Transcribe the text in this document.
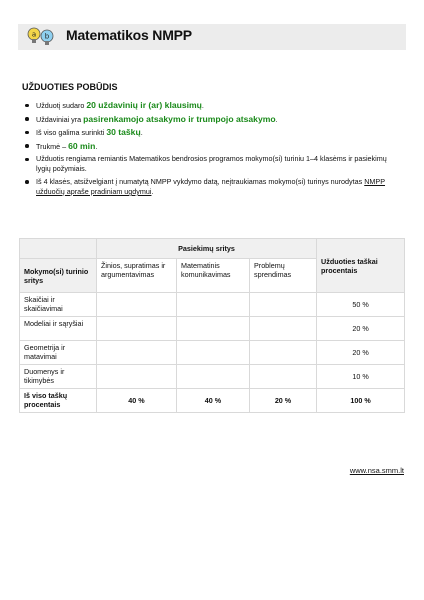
a b Matematikos NMPP
UŽDUOTIES POBŪDIS
Užduotį sudaro 20 uždavinių ir (ar) klausimų.
Uždaviniai yra pasirenkamojo atsakymo ir trumpojo atsakymo.
Iš viso galima surinkti 30 taškų.
Trukmė – 60 min.
Užduotis rengiama remiantis Matematikos bendrosios programos mokymo(si) turiniu 1–4 klasėms ir pasiekimų lygių požymiais.
Iš 4 klasės, atsižvelgiant į numatytą NMPP vykdymo datą, neįtraukiamas mokymo(si) turinys nurodytas NMPP užduočių apraše pradiniam ugdymui.
	Pasiekimų sritys			Užduoties taškai procentais
Mokymo(si) turinio sritys	Žinios, supratimas ir argumentavimas	Matematinis komunikavimas	Problemų sprendimas	
Skaičiai ir skaičiavimai				50 %
Modeliai ir sąryšiai				20 %
Geometrija ir matavimai				20 %
Duomenys ir tikimybės				10 %
Iš viso taškų procentais	40 %	40 %	20 %	100 %
www.nsa.smm.lt
